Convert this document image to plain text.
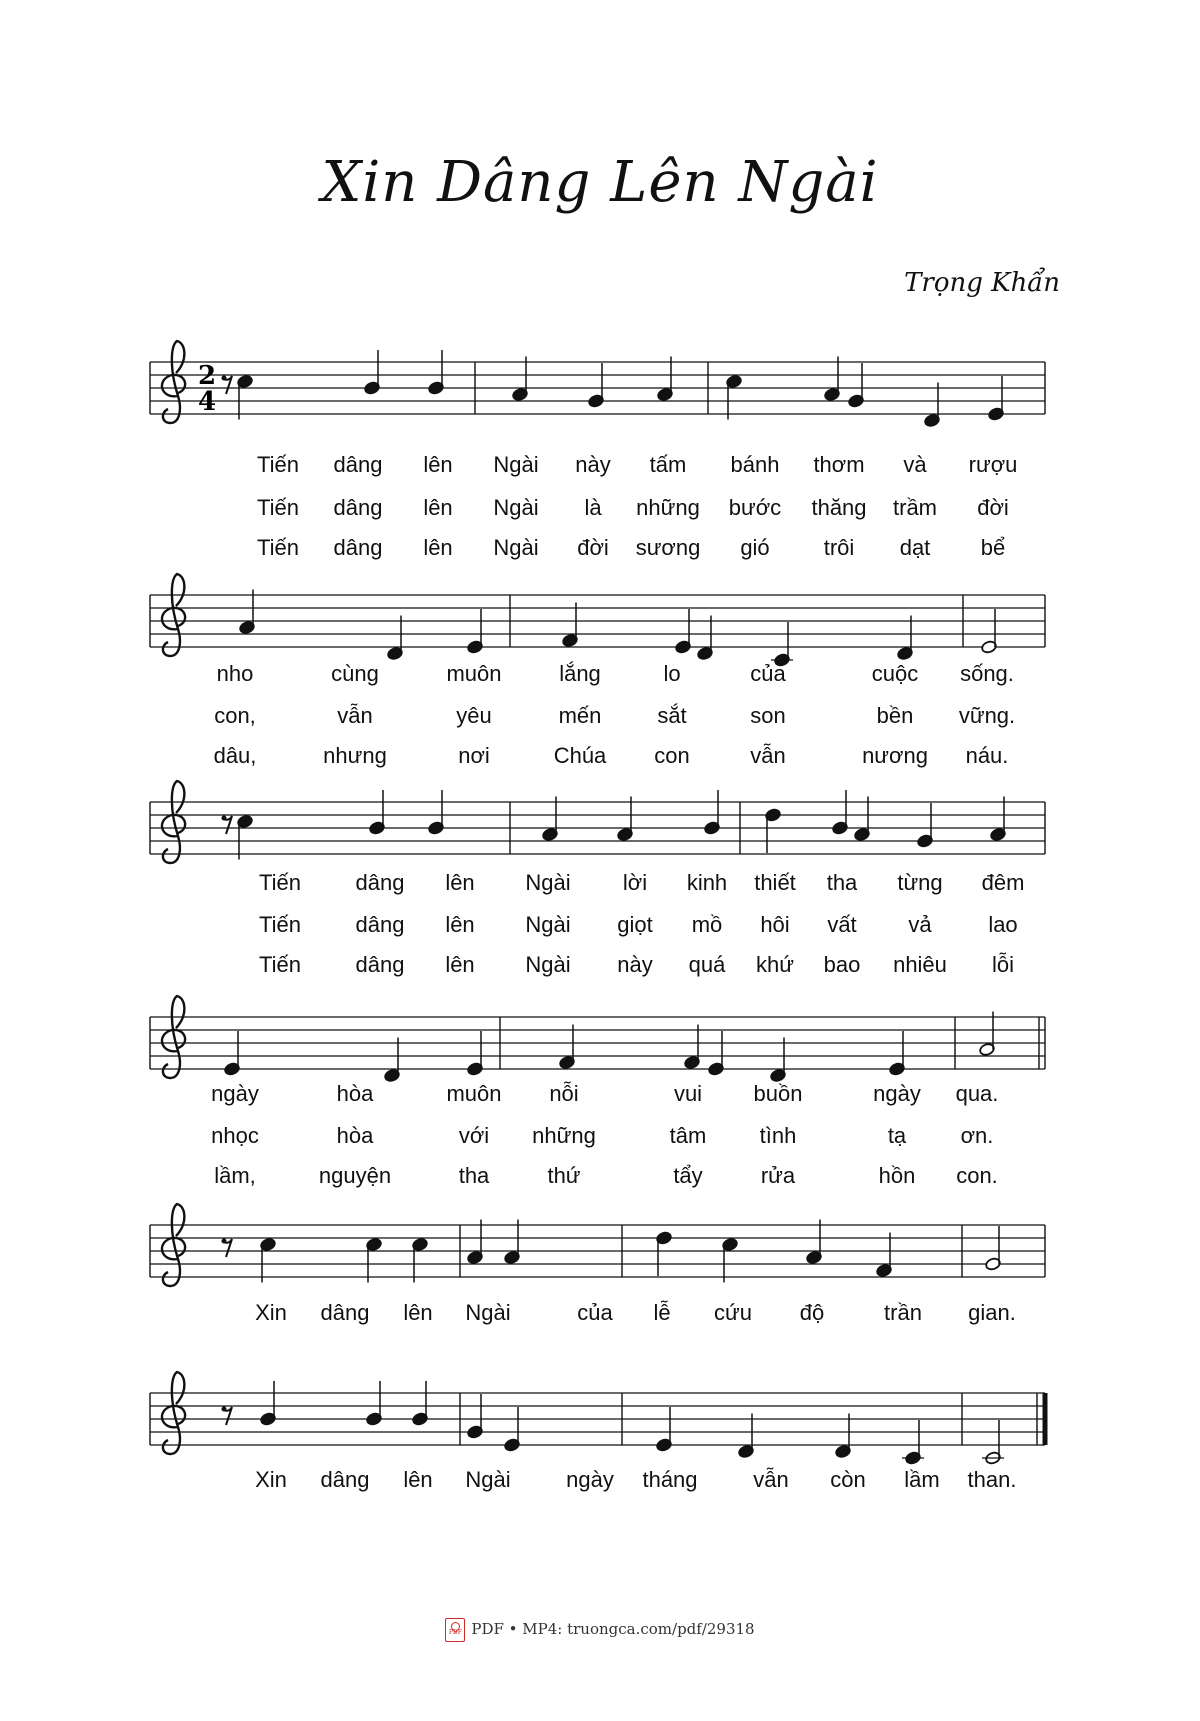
Xin Dâng Lên Ngài
Trọng Khẩn
2
4
Tiến dâng lên Ngài này tấm bánh thơm và rượu
Tiến dâng lên Ngài là những bước thăng trầm đời
Tiến dâng lên Ngài đời sương gió trôi dạt bể
nho	cùng	muôn	lắng	lo	của	cuộc sống.
con,	vẫn	yêu	mến	sắt	son	bền vững.
dâu,	nhưng	nơi	Chúa con	vẫn	nương náu.
Tiến dâng lên Ngài lời kinh thiết tha từng đêm
Tiến dâng lên Ngài giọt mồ hôi vất vả	lao
Tiến dâng lên Ngài này quá khứ bao nhiêu lỗi
ngày	hòa	muôn nỗi	vui buồn	ngày qua.
nhọc	hòa	với những	tâm tình	tạ ơn.
lầm,	nguyện	tha	thứ	tẩy	rửa	hồn con.
Xin dâng lên Ngài	của lễ cứu độ	trần gian.
Xin dâng lên Ngài	ngày tháng	vẫn còn lầm than.
PDF PDF • MP4: truongca.com/pdf/29318
